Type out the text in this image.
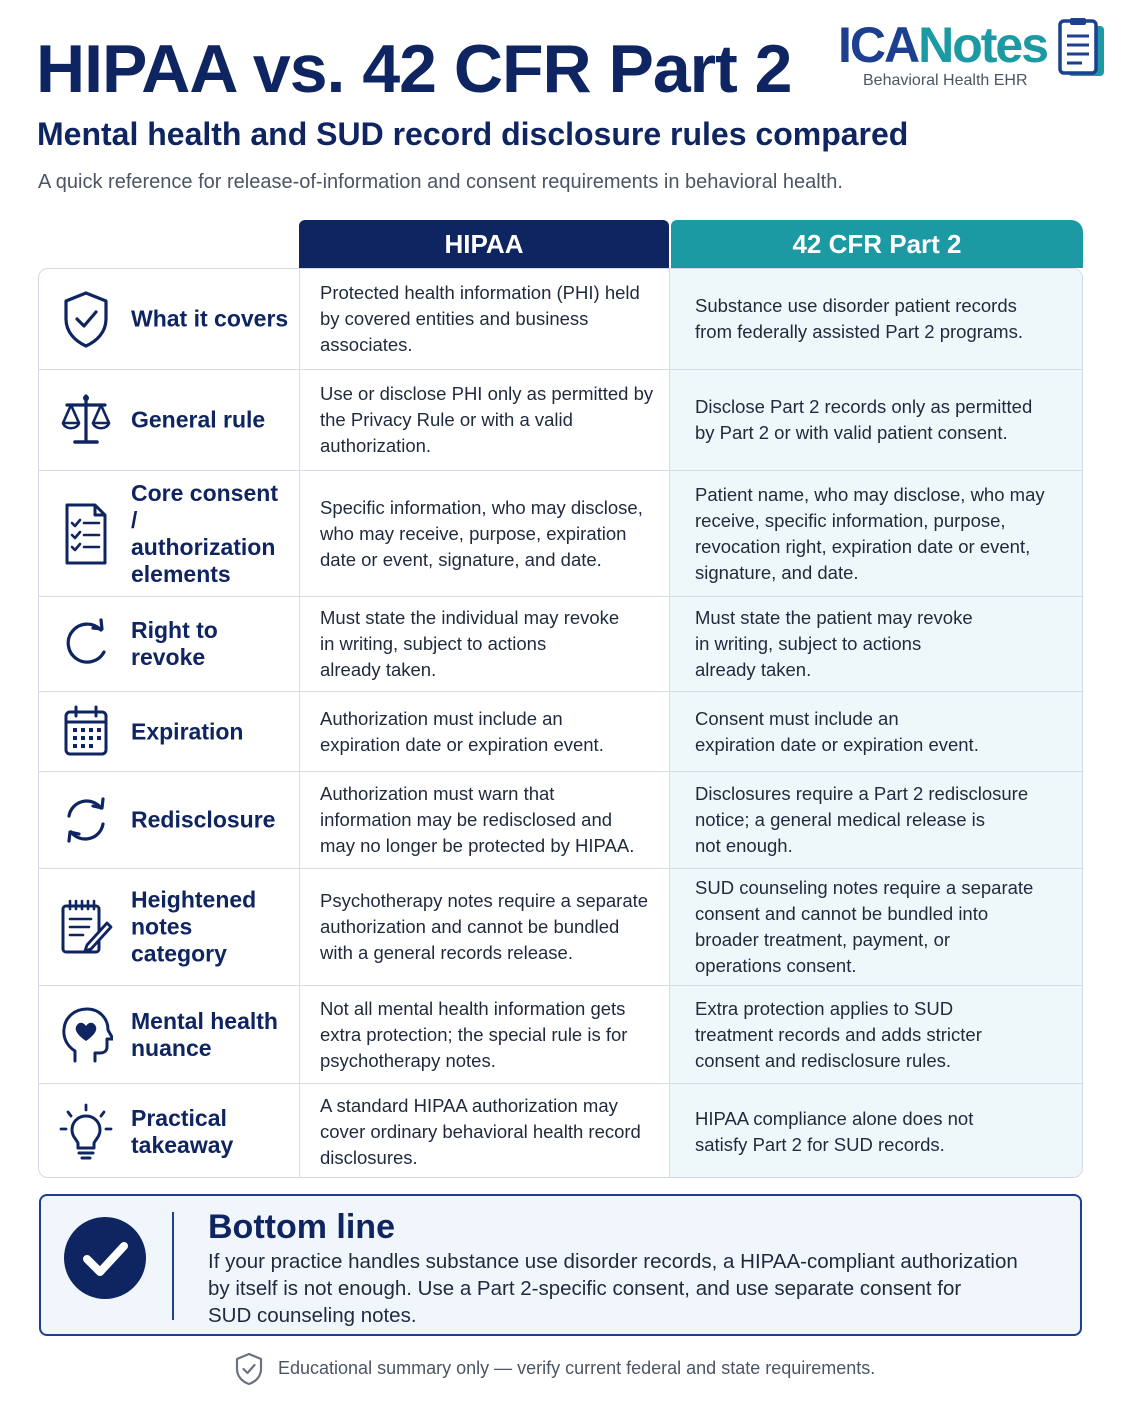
HIPAA vs. 42 CFR Part 2 ICANotes
Behavioral Health EHR
Mental health and SUD record disclosure rules compared
A quick reference for release-of-information and consent requirements in behavioral health.
HIPAA	42 CFR Part 2
What it covers
Protected health information (PHI) held
by covered entities and business
associates.
Substance use disorder patient records
from federally assisted Part 2 programs.
General rule
Use or disclose PHI only as permitted by
the Privacy Rule or with a valid
authorization.
Disclose Part 2 records only as permitted
by Part 2 or with valid patient consent.
Core consent /
authorization
elements
Specific information, who may disclose,
who may receive, purpose, expiration
date or event, signature, and date.
Patient name, who may disclose, who may
receive, specific information, purpose,
revocation right, expiration date or event,
signature, and date.
Right to revoke
Must state the individual may revoke
in writing, subject to actions
already taken.
Must state the patient may revoke
in writing, subject to actions
already taken.
Expiration	Authorization must include an
expiration date or expiration event.
Consent must include an
expiration date or expiration event.
Redisclosure
Authorization must warn that
information may be redisclosed and
may no longer be protected by HIPAA.
Disclosures require a Part 2 redisclosure
notice; a general medical release is
not enough.
Heightened
notes category
Psychotherapy notes require a separate
authorization and cannot be bundled
with a general records release.
SUD counseling notes require a separate
consent and cannot be bundled into
broader treatment, payment, or
operations consent.
Mental health
nuance
Not all mental health information gets
extra protection; the special rule is for
psychotherapy notes.
Extra protection applies to SUD
treatment records and adds stricter
consent and redisclosure rules.
Practical
takeaway
A standard HIPAA authorization may
cover ordinary behavioral health record
disclosures.
HIPAA compliance alone does not
satisfy Part 2 for SUD records.
Bottom line
If your practice handles substance use disorder records, a HIPAA-compliant authorization
by itself is not enough. Use a Part 2-specific consent, and use separate consent for
SUD counseling notes.
Educational summary only — verify current federal and state requirements.
